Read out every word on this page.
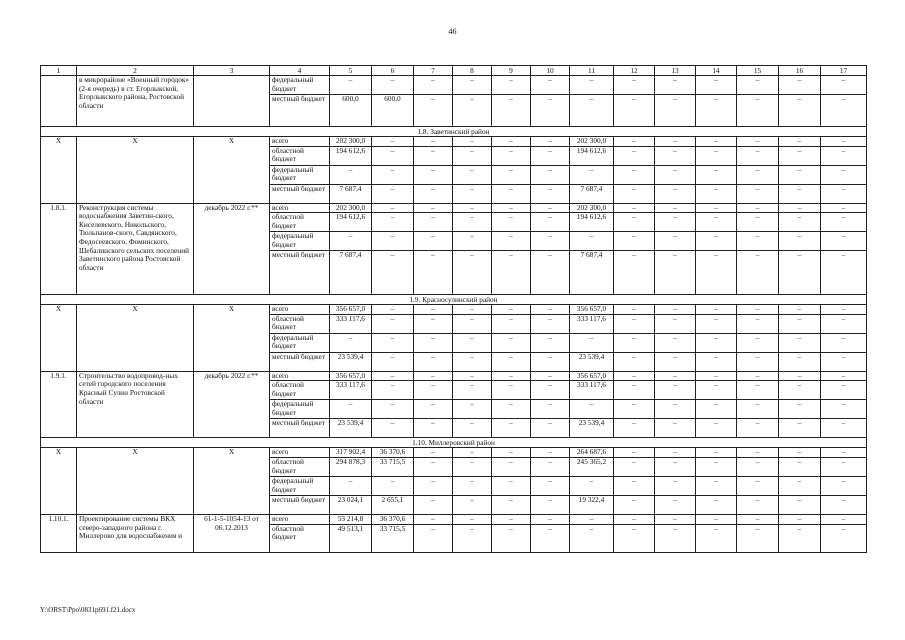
46
1	2	3	4	5	6	7	8	9	10	11	12	13	14	15	16	17
	в микрорайоне «Военный городок» (2-я очередь) в ст. Егорлыкской, Егорлыкского района, Ростовской области		федеральный бюджет	–	–	–	–	–	–	–	–	–	–	–	–	–
			местный бюджет	600,0	600,0	–	–	–	–	–	–	–	–	–	–	–
1.8. Заветинский район																
X	X	X	всего	202 300,0	–	–	–	–	–	202 300,0	–	–	–	–	–	–
			областной бюджет	194 612,6	–	–	–	–	–	194 612,6	–	–	–	–	–	–
			федеральный бюджет	–	–	–	–	–	–	–	–	–	–	–	–	–
			местный бюджет	7 687,4	–	–	–	–	–	7 687,4	–	–	–	–	–	–
1.8.1.	Реконструкция системы водоснабжения Заветин-ского, Киселевского, Никольского, Тюльпанов-ского, Савдянского, Федосеевского, Фоминского, Шебалинского сельских поселений Заветинского района Ростовской области	декабрь 2022 г.**	всего	202 300,0	–	–	–	–	–	202 300,0	–	–	–	–	–	–
			областной бюджет	194 612,6	–	–	–	–	–	194 612,6	–	–	–	–	–	–
			федеральный бюджет	–	–	–	–	–	–	–	–	–	–	–	–	–
			местный бюджет	7 687,4	–	–	–	–	–	7 687,4	–	–	–	–	–	–
1.9. Красносулинский район																
X	X	X	всего	356 657,0	–	–	–	–	–	356 657,0	–	–	–	–	–	–
			областной бюджет	333 117,6	–	–	–	–	–	333 117,6	–	–	–	–	–	–
			федеральный бюджет	–	–	–	–	–	–	–	–	–	–	–	–	–
			местный бюджет	23 539,4	–	–	–	–	–	23 539,4	–	–	–	–	–	–
1.9.1.	Строительство водопровод-ных сетей городского поселения Красный Сулин Ростовской области	декабрь 2022 г.**	всего	356 657,0	–	–	–	–	–	356 657,0	–	–	–	–	–	–
			областной бюджет	333 117,6	–	–	–	–	–	333 117,6	–	–	–	–	–	–
			федеральный бюджет	–	–	–	–	–	–	–	–	–	–	–	–	–
			местный бюджет	23 539,4	–	–	–	–	–	23 539,4	–	–	–	–	–	–
1.10. Миллеровский район																
X	X	X	всего	317 902,4	36 370,6	–	–	–	–	264 687,6	–	–	–	–	–	–
			областной бюджет	294 878,3	33 715,5	–	–	–	–	245 365,2	–	–	–	–	–	–
			федеральный бюджет	–	–	–	–	–	–	–	–	–	–	–	–	–
			местный бюджет	23 024,1	2 655,1	–	–	–	–	19 322,4	–	–	–	–	–	–
1.10.1.	Проектирование системы ВКХ северо-западного района г. Миллерово для водоснабжения и	61-1-5-1054-13 от 06.12.2013	всего	53 214,8	36 370,6	–	–	–	–	–	–	–	–	–	–	–
			областной бюджет	49 513,1	33 715,5	–	–	–	–	–	–	–	–	–	–	–
Y:\ORST\Ppo\0831p691.f21.docx
